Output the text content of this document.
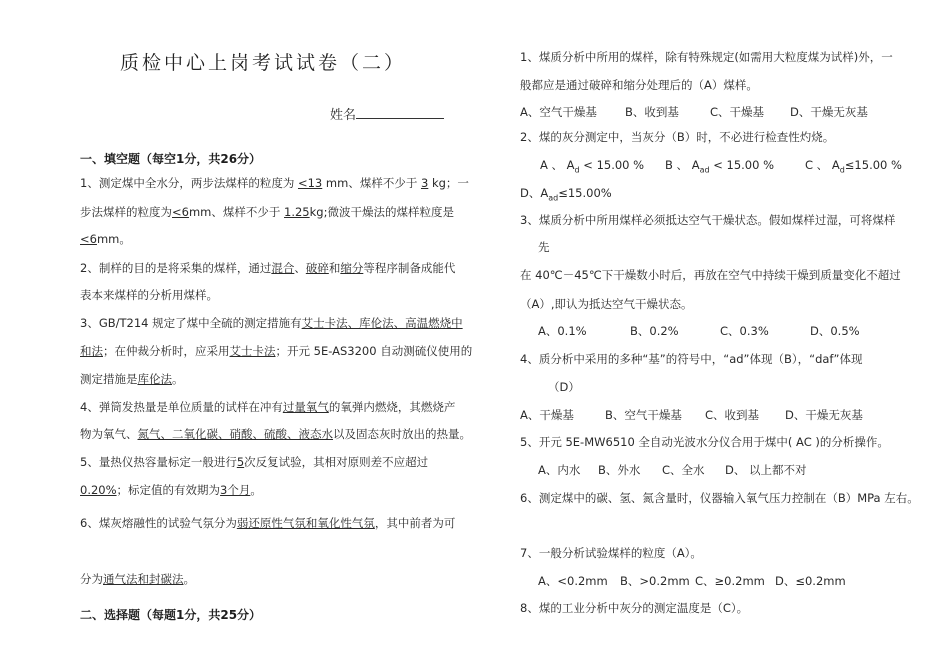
质检中心上岗考试试卷（二）
姓名
一、填空题（每空1分，共26分）
1、测定煤中全水分，两步法煤样的粒度为 <13 mm、煤样不少于 3 kg；一
步法煤样的粒度为<6mm、煤样不少于 1.25kg;微波干燥法的煤样粒度是
<6mm。
2、制样的目的是将采集的煤样，通过混合、破碎和缩分等程序制备成能代
表本来煤样的分析用煤样。
3、GB/T214 规定了煤中全硫的测定措施有艾士卡法、库伦法、高温燃烧中
和法；在仲裁分析时，应采用艾士卡法；开元 5E-AS3200 自动测硫仪使用的
测定措施是库伦法。
4、弹筒发热量是单位质量的试样在冲有过量氧气的氧弹内燃烧，其燃烧产
物为氧气、氮气、二氧化碳、硝酸、硫酸、液态水以及固态灰时放出的热量。
5、量热仪热容量标定一般进行5次反复试验，其相对原则差不应超过
0.20%；标定值的有效期为3个月。
6、煤灰熔融性的试验气氛分为弱还原性气氛和氧化性气氛，其中前者为可
分为通气法和封碳法。
二、选择题（每题1分，共25分）
1、煤质分析中所用的煤样，除有特殊规定(如需用大粒度煤为试样)外，一
般都应是通过破碎和缩分处理后的（A）煤样。
A、空气干燥基 B、收到基	C、干燥基 D、干燥无灰基
2、煤的灰分测定中，当灰分（B）时，不必进行检查性灼烧。
A 、 $A_d < 15.00$ % B 、 $A_{ad} < 15.00$ %	C 、 $A_d\le 15.00$ %
D、$A_{ad}\le 15.00\%$
3、煤质分析中所用煤样必须抵达空气干燥状态。假如煤样过湿，可将煤样
先
在 40℃－45℃下干燥数小时后，再放在空气中持续干燥到质量变化不超过
（A）,即认为抵达空气干燥状态。
A、0.1%	B、0.2%	C、0.3%	D、0.5%
4、质分析中采用的多种“基”的符号中，“ad”体现（B），“daf”体现
（D）
A、干燥基	B、空气干燥基 C、收到基 D、干燥无灰基
5、开元 5E-MW6510 全自动光波水分仪合用于煤中( AC )的分析操作。
A、内水 B、外水 C、全水 D、 以上都不对
6、测定煤中的碳、氢、氮含量时，仪器输入氧气压力控制在（B）MPa 左右。
7、一般分析试验煤样的粒度（A）。
A、<0.2mm B、>0.2mm C、≥0.2mm D、≤0.2mm
8、煤的工业分析中灰分的测定温度是（C）。
